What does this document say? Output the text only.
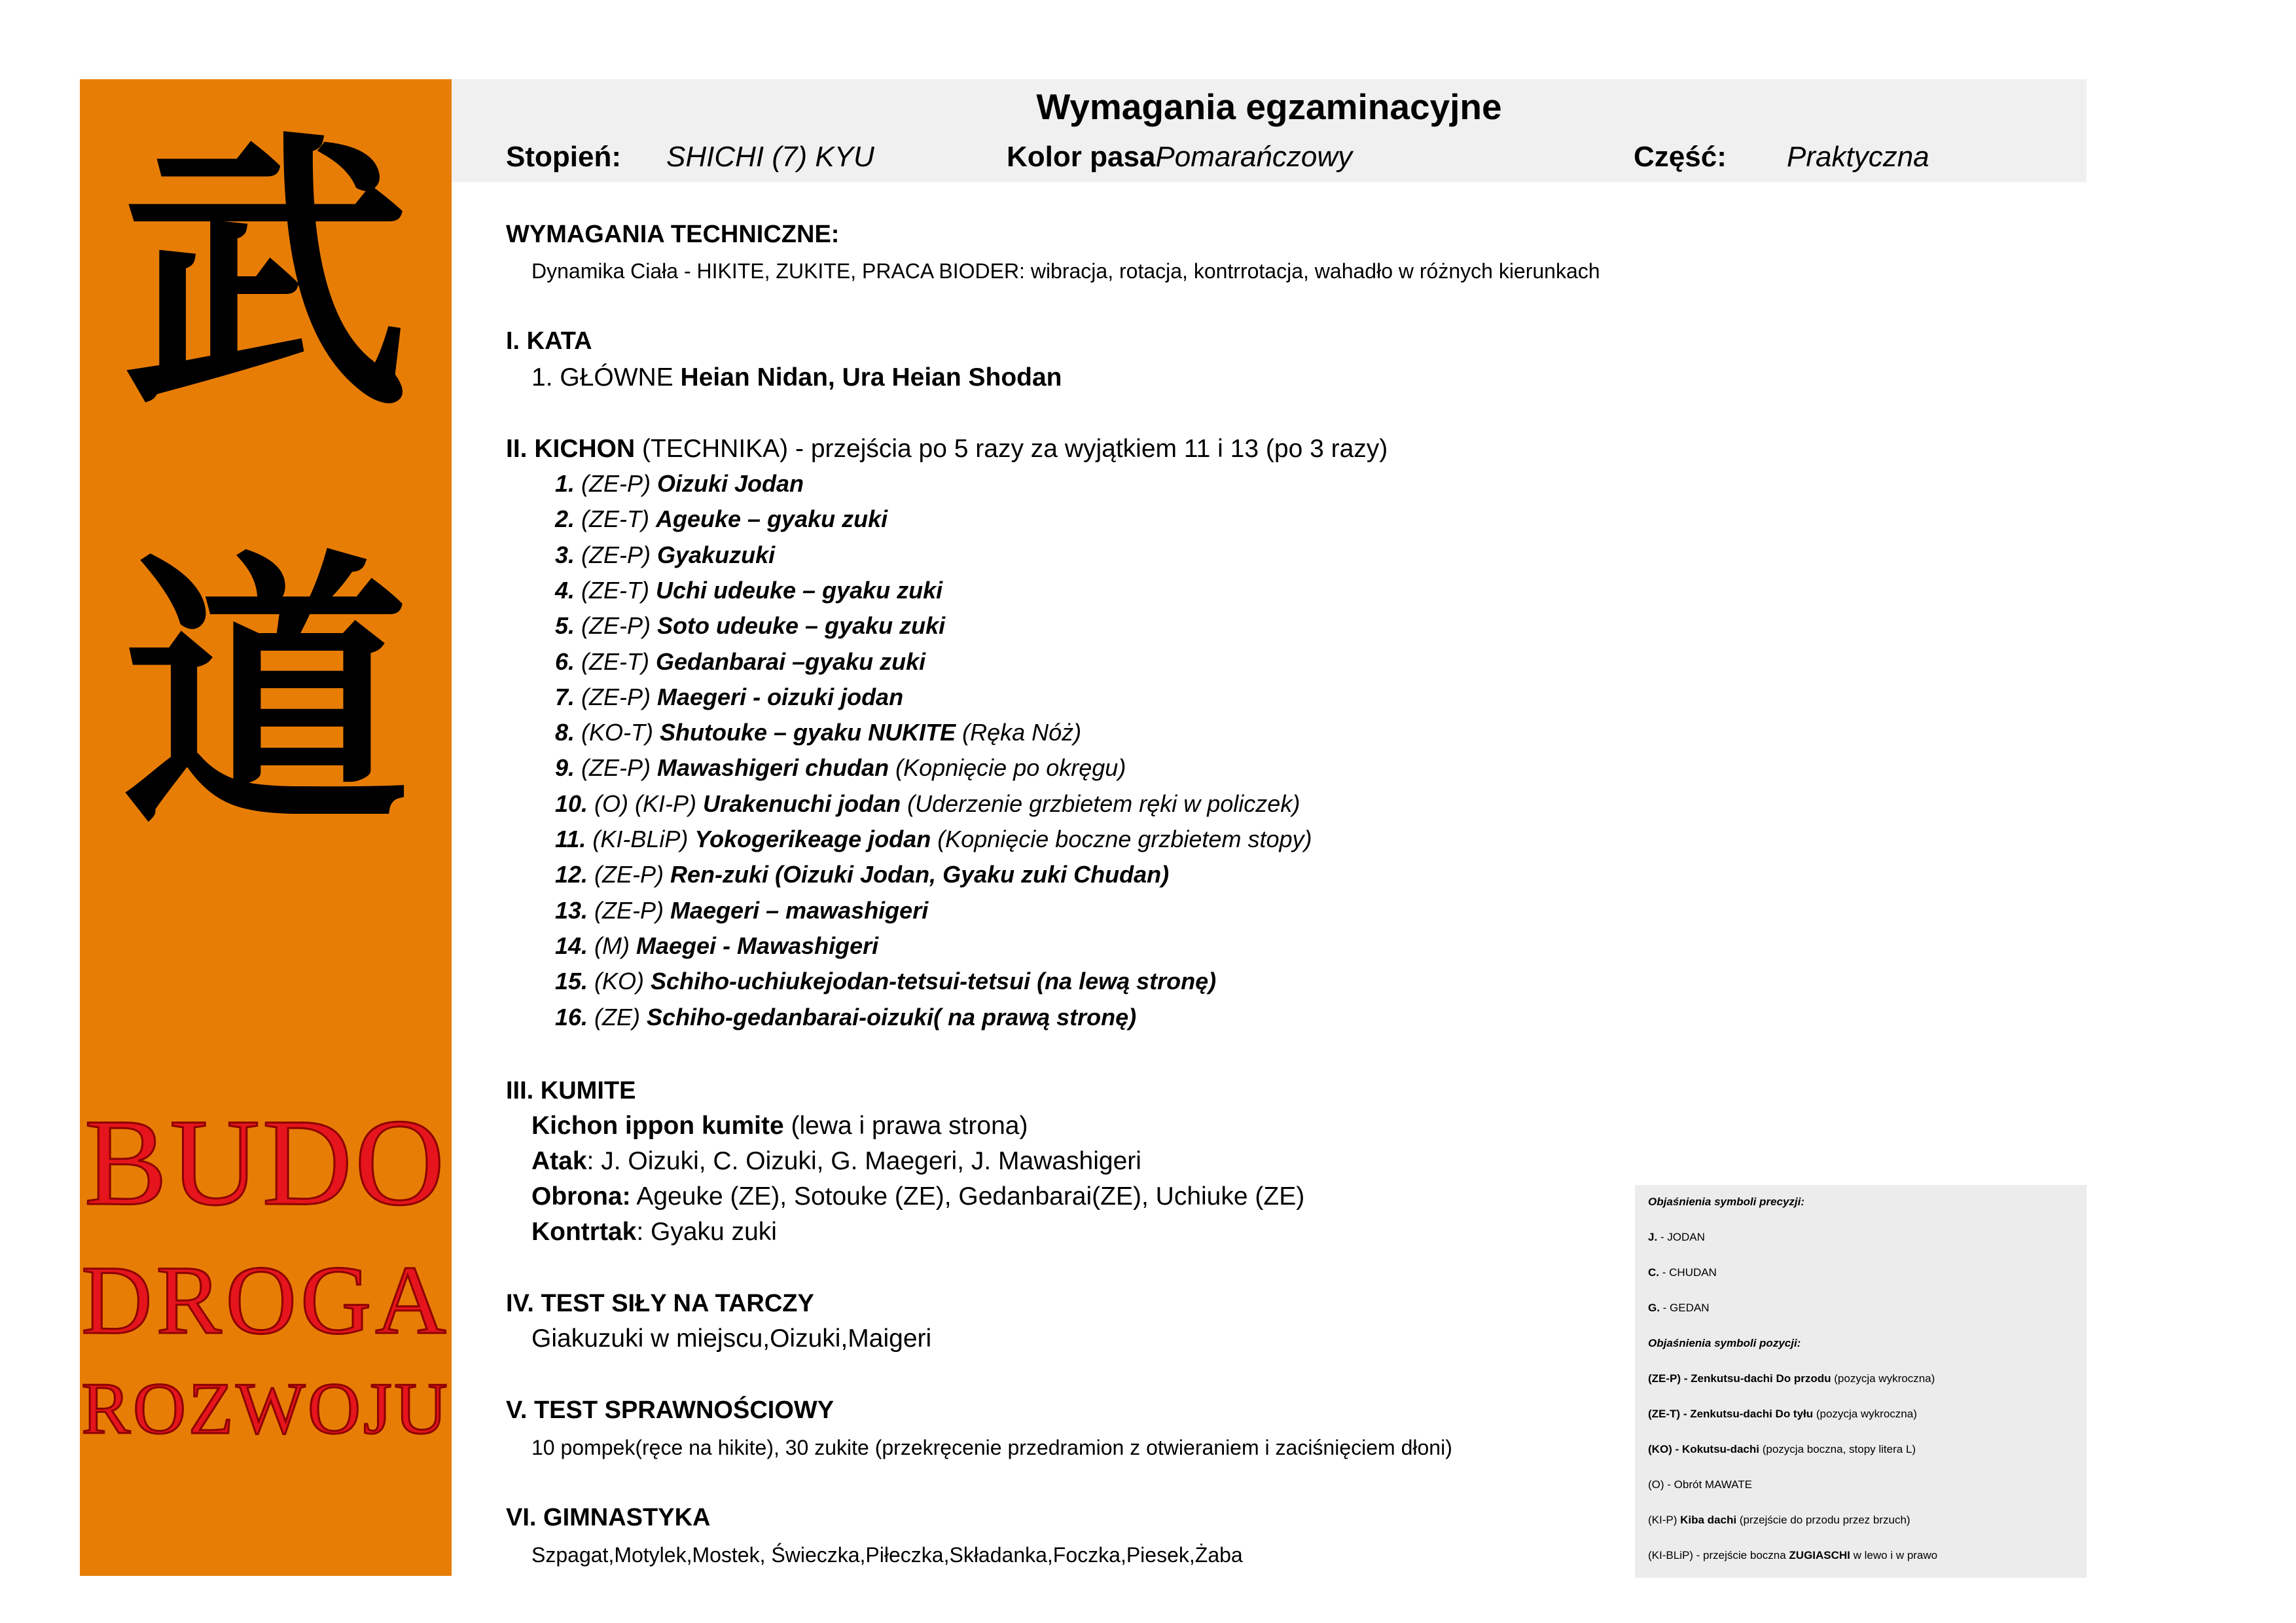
武
道
BUDO
DROGA
ROZWOJU
Wymagania egzaminacyjne
Stopień: SHICHI (7) KYU	Kolor pasaPomarańczowy	Część: Praktyczna
WYMAGANIA TECHNICZNE:
Dynamika Ciała - HIKITE, ZUKITE, PRACA BIODER: wibracja, rotacja, kontrrotacja, wahadło w różnych kierunkach
I. KATA
1. GŁÓWNE Heian Nidan, Ura Heian Shodan
II. KICHON (TECHNIKA) - przejścia po 5 razy za wyjątkiem 11 i 13 (po 3 razy)
1. (ZE-P) Oizuki Jodan
2. (ZE-T) Ageuke – gyaku zuki
3. (ZE-P) Gyakuzuki
4. (ZE-T) Uchi udeuke – gyaku zuki
5. (ZE-P) Soto udeuke – gyaku zuki
6. (ZE-T) Gedanbarai –gyaku zuki
7. (ZE-P) Maegeri - oizuki jodan
8. (KO-T) Shutouke – gyaku NUKITE (Ręka Nóż)
9. (ZE-P) Mawashigeri chudan (Kopnięcie po okręgu)
10. (O) (KI-P) Urakenuchi jodan (Uderzenie grzbietem ręki w policzek)
11. (KI-BLiP) Yokogerikeage jodan (Kopnięcie boczne grzbietem stopy)
12. (ZE-P) Ren-zuki (Oizuki Jodan, Gyaku zuki Chudan)
13. (ZE-P) Maegeri – mawashigeri
14. (M) Maegei - Mawashigeri
15. (KO) Schiho-uchiukejodan-tetsui-tetsui (na lewą stronę)
16. (ZE) Schiho-gedanbarai-oizuki( na prawą stronę)
III. KUMITE
Kichon ippon kumite (lewa i prawa strona)
Atak: J. Oizuki, C. Oizuki, G. Maegeri, J. Mawashigeri
Obrona: Ageuke (ZE), Sotouke (ZE), Gedanbarai(ZE), Uchiuke (ZE)
Kontrtak: Gyaku zuki
IV. TEST SIŁY NA TARCZY
Giakuzuki w miejscu,Oizuki,Maigeri
V. TEST SPRAWNOŚCIOWY
10 pompek(ręce na hikite), 30 zukite (przekręcenie przedramion z otwieraniem i zaciśnięciem dłoni)
VI. GIMNASTYKA
Szpagat,Motylek,Mostek, Świeczka,Piłeczka,Składanka,Foczka,Piesek,Żaba
Objaśnienia symboli precyzji:
J. - JODAN
C. - CHUDAN
G. - GEDAN
Objaśnienia symboli pozycji:
(ZE-P) - Zenkutsu-dachi Do przodu (pozycja wykroczna)
(ZE-T) - Zenkutsu-dachi Do tyłu (pozycja wykroczna)
(KO) - Kokutsu-dachi (pozycja boczna, stopy litera L)
(O) - Obrót MAWATE
(KI-P) Kiba dachi (przejście do przodu przez brzuch)
(KI-BLiP) - przejście boczna ZUGIASCHI w lewo i w prawo
